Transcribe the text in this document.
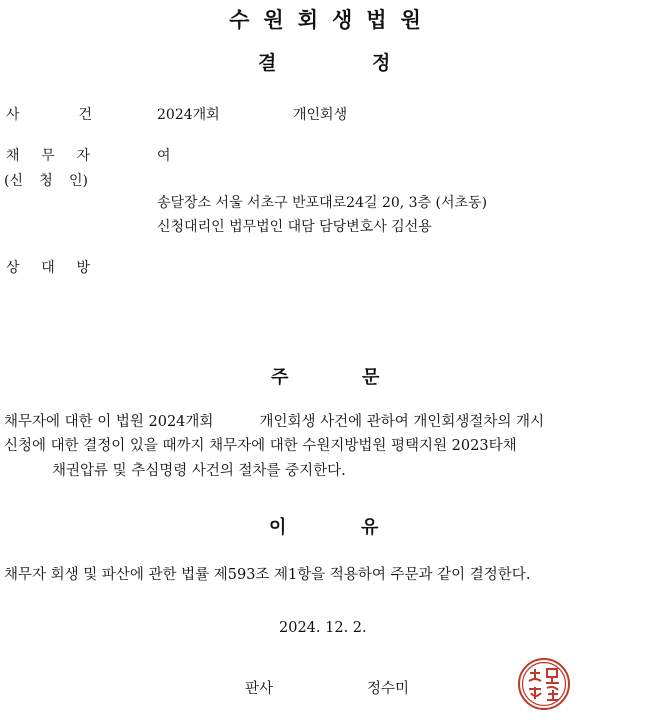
수원회생법원
결	정
사	건	2024개회	개인회생
채 무 자	여
(신 청 인)
송달장소 서울 서초구 반포대로24길 20, 3층 (서초동)
신청대리인 법무법인 대담 담당변호사 김선용
상 대 방
주	문
채무자에 대한 이 법원 2024개회          개인회생 사건에 관하여 개인회생절차의 개시
신청에 대한 결정이 있을 때까지 채무자에 대한 수원지방법원 평택지원 2023타채
채권압류 및 추심명령 사건의 절차를 중지한다.
이	유
채무자 회생 및 파산에 관한 법률 제593조 제1항을 적용하여 주문과 같이 결정한다.
2024. 12. 2.
판사	정수미
